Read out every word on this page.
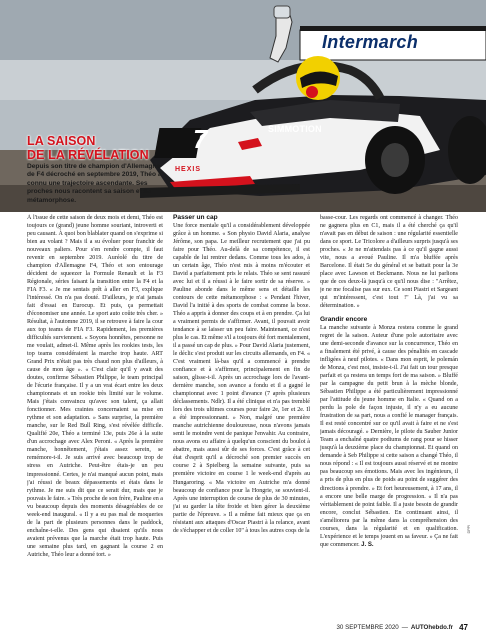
SIMMOTION
7
HEXIS
Intermarch
LA SAISON
DE LA RÉVÉLATION
Depuis son titre de champion d'Allemagne de F4 décroché en septembre 2019, Théo a connu une trajectoire ascendante. Ses proches nous racontent sa saison et sa métamorphose.

À l'issue de cette saison de deux mois et demi, Théo est toujours ce (grand) jeune homme souriant, introverti et peu causant. À quoi bon blablater quand on s'exprime si bien au volant ? Mais il a su évoluer pour franchir de nouveaux paliers. Pour s'en rendre compte, il faut revenir en septembre 2019. Auréolé du titre de champion d'Allemagne F4, Théo et son entourage décident de squeezer la Formule Renault et la F3 Régionale, séries faisant la transition entre la F4 et la FIA F3. « Je me sentais prêt à aller en F3, explique l'intéressé. On n'a pas douté. D'ailleurs, je n'ai jamais fait d'essai en Eurocup. Et puis, ça permettait d'économiser une année. Le sport auto coûte très cher. » Résultat, à l'automne 2019, il se retrouve à faire la cour aux top teams de FIA F3. Rapidement, les premières difficultés surviennent. « Soyons honnêtes, personne ne me voulait, admet-il. Même après les rookies tests, les top teams considéraient la marche trop haute. ART Grand Prix n'était pas très chaud non plus d'ailleurs, à cause de mon âge ». « C'est clair qu'il y avait des doutes, confirme Sébastien Philippe, le team principal de l'écurie française. Il y a un vrai écart entre les deux championnats et un rookie très limité sur le volume. Mais j'étais convaincu qu'avec son talent, ça allait fonctionner. Mes craintes concernaient sa mise en rythme et son adaptation. » Sans surprise, la première manche, sur le Red Bull Ring, s'est révélée difficile. Qualifié 20e, Théo a terminé 13e, puis 26e à la suite d'un accrochage avec Alex Peroni. « Après la première manche, honnêtement, j'étais assez serein, se remémore-t-il. Je suis arrivé avec beaucoup trop de stress en Autriche. Peut-être étais-je un peu impressionné. Certes, je n'ai manqué aucun point, mais j'ai réussi de beaux dépassements et étais dans le rythme. Je me suis dit que ce serait dur, mais que je pouvais le faire. » Très proche de son frère, Pauline en a vu beaucoup depuis des moments désagréables de ce week-end inaugural. « Il y a eu pas mal de moqueries de la part de plusieurs personnes dans le paddock, enchaîne-t-elle. Des gens qui disaient qu'ils nous avaient prévenus que la marche était trop haute. Puis une semaine plus tard, en gagnant la course 2 en Autriche, Théo leur a donné tort. »

Passer un cap

Une force mentale qu'il a considérablement développée grâce à un homme. « Son physio David Alaria, analyse Jérôme, son papa. Le meilleur recrutement que j'ai pu faire pour Théo. Au-delà de sa compétence, il est capable de lui rentrer dedans. Comme tous les ados, à un certain âge, Théo n'est mis à moins m'écouter et David a parfaitement pris le relais. Théo se sent rassuré avec lui et il a réussi à le faire sortir de sa réserve. » Pauline abonde dans le même sens et détaille les contours de cette métamorphose : « Pendant l'hiver, David l'a initié à des sports de combat comme la boxe. Théo a appris à donner des coups et à en prendre. Ça lui a vraiment permis de s'affirmer. Avant, il pouvait avoir tendance à se laisser un peu faire. Maintenant, ce n'est plus le cas. Et même s'il a toujours été fort mentalement, il a passé un cap de plus. » Pour David Alaria justement, le déclic s'est produit sur les circuits allemands, en F4. « C'est vraiment là-bas qu'il a commencé à prendre confiance et à s'affirmer, principalement en fin de saison, glisse-t-il. Après un accrochage lors de l'avant-dernière manche, son avance a fondu et il a gagné le championnat avec 1 point d'avance (7 après plusieurs déclassements. Ndlr). Il a été clinique et n'a pas tremblé lors des trois ultimes courses pour faire 2e, 1er et 2e. Il a été impressionnant. » Non, malgré une première manche autrichienne douloureuse, nous n'avons jamais senti le moindre vent de panique l'envahir. Au contraire, nous avons eu affaire à quelqu'un conscient du boulot à abattre, mais aussi sûr de ses forces. C'est grâce à cet état d'esprit qu'il a décroché son premier succès en course 2 à Spielberg la semaine suivante, puis sa première victoire en course 1 le week-end d'après au Hungaroring. « Ma victoire en Autriche m'a donné beaucoup de confiance pour la Hongrie, se souvient-il. Après une interruption de course de plus de 30 minutes, j'ai su garder la tête froide et bien gérer la deuxième partie de l'épreuve. » Il a même fait mieux que ça en résistant aux attaques d'Oscar Piastri à la relance, avant de s'échapper et de coller 10" à tous les autres coqs de la

basse-cour. Les regards ont commencé à changer. Théo ne gagnera plus en C1, mais il a été cherché ça qu'il n'avait pas en début de saison : une régularité essentielle dans ce sport. Le Tricolore a d'ailleurs surpris jusqu'à ses proches. « Je ne m'attendais pas à ce qu'il gagne aussi vite, nous a avoué Pauline. Il m'a bluffée après Barcelone. Il était 5e du général et se battait pour la 3e place avec Lawson et Beckmann. Nous ne lui parlions que de ces deux-là jusqu'à ce qu'il nous dise : "Arrêtez, je ne me focalise pas sur eux. Ce sont Piastri et Sargeant qui m'intéressent, c'est tout !" Là, j'ai vu sa détermination. »

Grandir encore

La manche suivante à Monza restera comme le grand regret de la saison. Auteur d'une pole autoritaire avec une demi-seconde d'avance sur la concurrence, Théo en a finalement été privé, à cause des pénalités en cascade infligées à neuf pilotes. « Dans mon esprit, le polemán de Monza, c'est moi, insiste-t-il. J'ai fait un tour presque parfait et ça restera un temps fort de ma saison. » Bluffé par la campagne du petit brun à la mèche blonde, Sébastien Philippe a été particulièrement impressionné par l'attitude du jeune homme en Italie. « Quand on a perdu la pole de façon injuste, il n'y a eu aucune frustration de sa part, nous a confié le manager français. Il est resté concentré sur ce qu'il avait à faire et ne s'est jamais découragé. » Dernière, le pilote du Sauber Junior Team a enchaîné quatre podiums de rang pour se hisser jusqu'à la deuxième place du championnat. Et quand on demande à Seb Philippe si cette saison a changé Théo, il nous répond : « Il est toujours aussi réservé et ne montre pas beaucoup ses émotions. Mais avec les ingénieurs, il a pris de plus en plus de poids au point de suggérer des directions à prendre. » Et fort heureusement, à 17 ans, il a encore une belle marge de progression. « Il n'a pas véritablement de point faible. Il a juste besoin de grandir encore, conclut Sébastien. En continuant ainsi, il s'améliorera par la même dans la compréhension des courses, dans la régularité et en qualification. L'expérience et le temps jouent en sa faveur. » Ça ne fait que commencer. J. S.

DPPI
30 SEPTEMBRE 2020 — AUTOhebdo.fr 47
